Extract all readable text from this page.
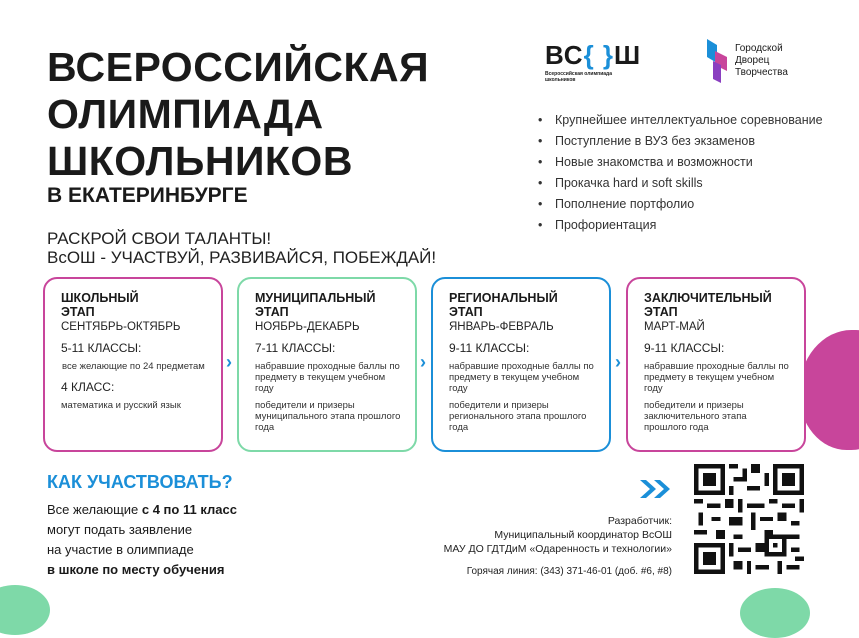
ВСЕРОССИЙСКАЯ
ОЛИМПИАДА
ШКОЛЬНИКОВ
В ЕКАТЕРИНБУРГЕ
РАСКРОЙ СВОИ ТАЛАНТЫ!
ВсОШ - УЧАСТВУЙ, РАЗВИВАЙСЯ, ПОБЕЖДАЙ!
ВС{ }Ш
Всероссийская олимпиада школьников
Городской
Дворец
Творчества
• Крупнейшее интеллектуальное соревнование
• Поступление в ВУЗ без экзаменов
• Новые знакомства и возможности
• Прокачка hard и soft skills
• Пополнение портфолио
• Профориентация
ШКОЛЬНЫЙ
ЭТАП
СЕНТЯБРЬ-ОКТЯБРЬ
5-11 КЛАССЫ:
все желающие по 24 предметам
4 КЛАСС:
математика и русский язык
›
МУНИЦИПАЛЬНЫЙ
ЭТАП
НОЯБРЬ-ДЕКАБРЬ
7-11 КЛАССЫ:
набравшие проходные баллы по предмету в текущем учебном году
победители и призеры муниципального этапа прошлого года
›
РЕГИОНАЛЬНЫЙ
ЭТАП
ЯНВАРЬ-ФЕВРАЛЬ
9-11 КЛАССЫ:
набравшие проходные баллы по предмету в текущем учебном году
победители и призеры регионального этапа прошлого года
›
ЗАКЛЮЧИТЕЛЬНЫЙ
ЭТАП
МАРТ-МАЙ
9-11 КЛАССЫ:
набравшие проходные баллы по предмету в текущем учебном году
победители и призеры заключительного этапа прошлого года
КАК УЧАСТВОВАТЬ?
Все желающие с 4 по 11 класс
могут подать заявление
на участие в олимпиаде
в школе по месту обучения
Разработчик:
Муниципальный координатор ВсОШ
МАУ ДО ГДТДиМ «Одаренность и технологии»
Горячая линия: (343) 371-46-01 (доб. #6, #8)
